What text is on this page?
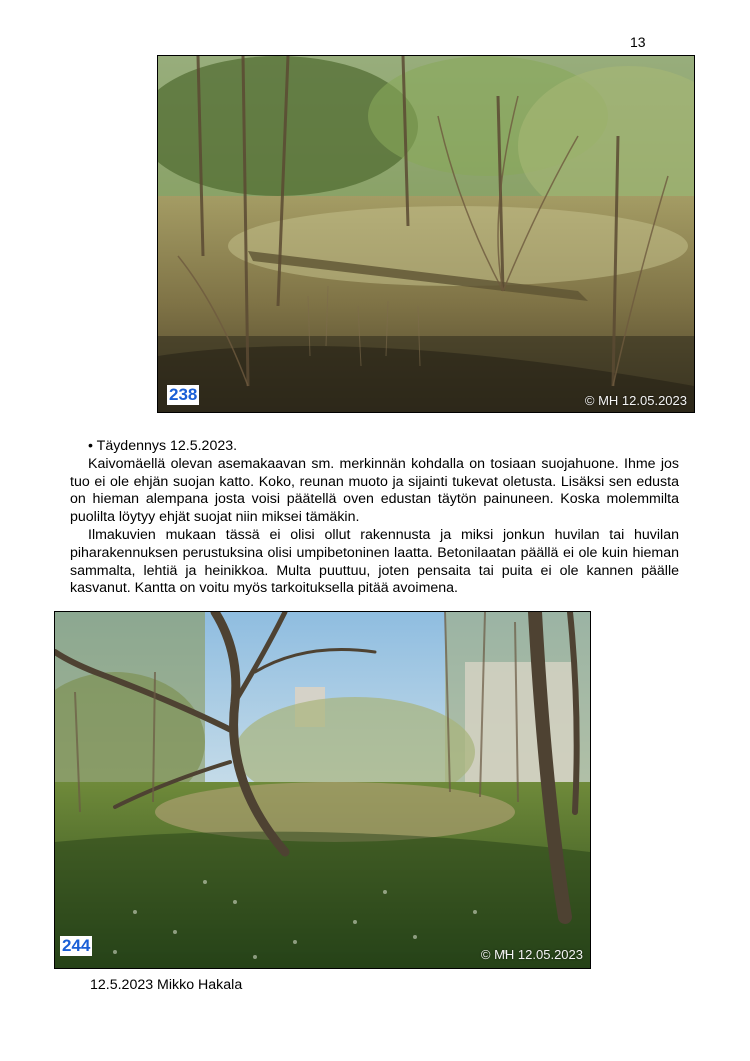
13
238	© MH 12.05.2023

• Täydennys 12.5.2023.

Kaivomäellä olevan asemakaavan sm. merkinnän kohdalla on tosiaan suojahuone. Ihme jos tuo ei ole ehjän suojan katto. Koko, reunan muoto ja sijainti tukevat oletusta. Lisäksi sen edusta on hieman alempana josta voisi päätellä oven edustan täytön painuneen. Koska molemmilta puolilta löytyy ehjät suojat niin miksei tämäkin.

Ilmakuvien mukaan tässä ei olisi ollut rakennusta ja miksi jonkun huvilan tai huvilan piharakennuksen perustuksina olisi umpibetoninen laatta. Betonilaatan päällä ei ole kuin hieman sammalta, lehtiä ja heinikkoa. Multa puuttuu, joten pensaita tai puita ei ole kannen päälle kasvanut. Kantta on voitu myös tarkoituksella pitää avoimena.

244	© MH 12.05.2023
12.5.2023 Mikko Hakala
